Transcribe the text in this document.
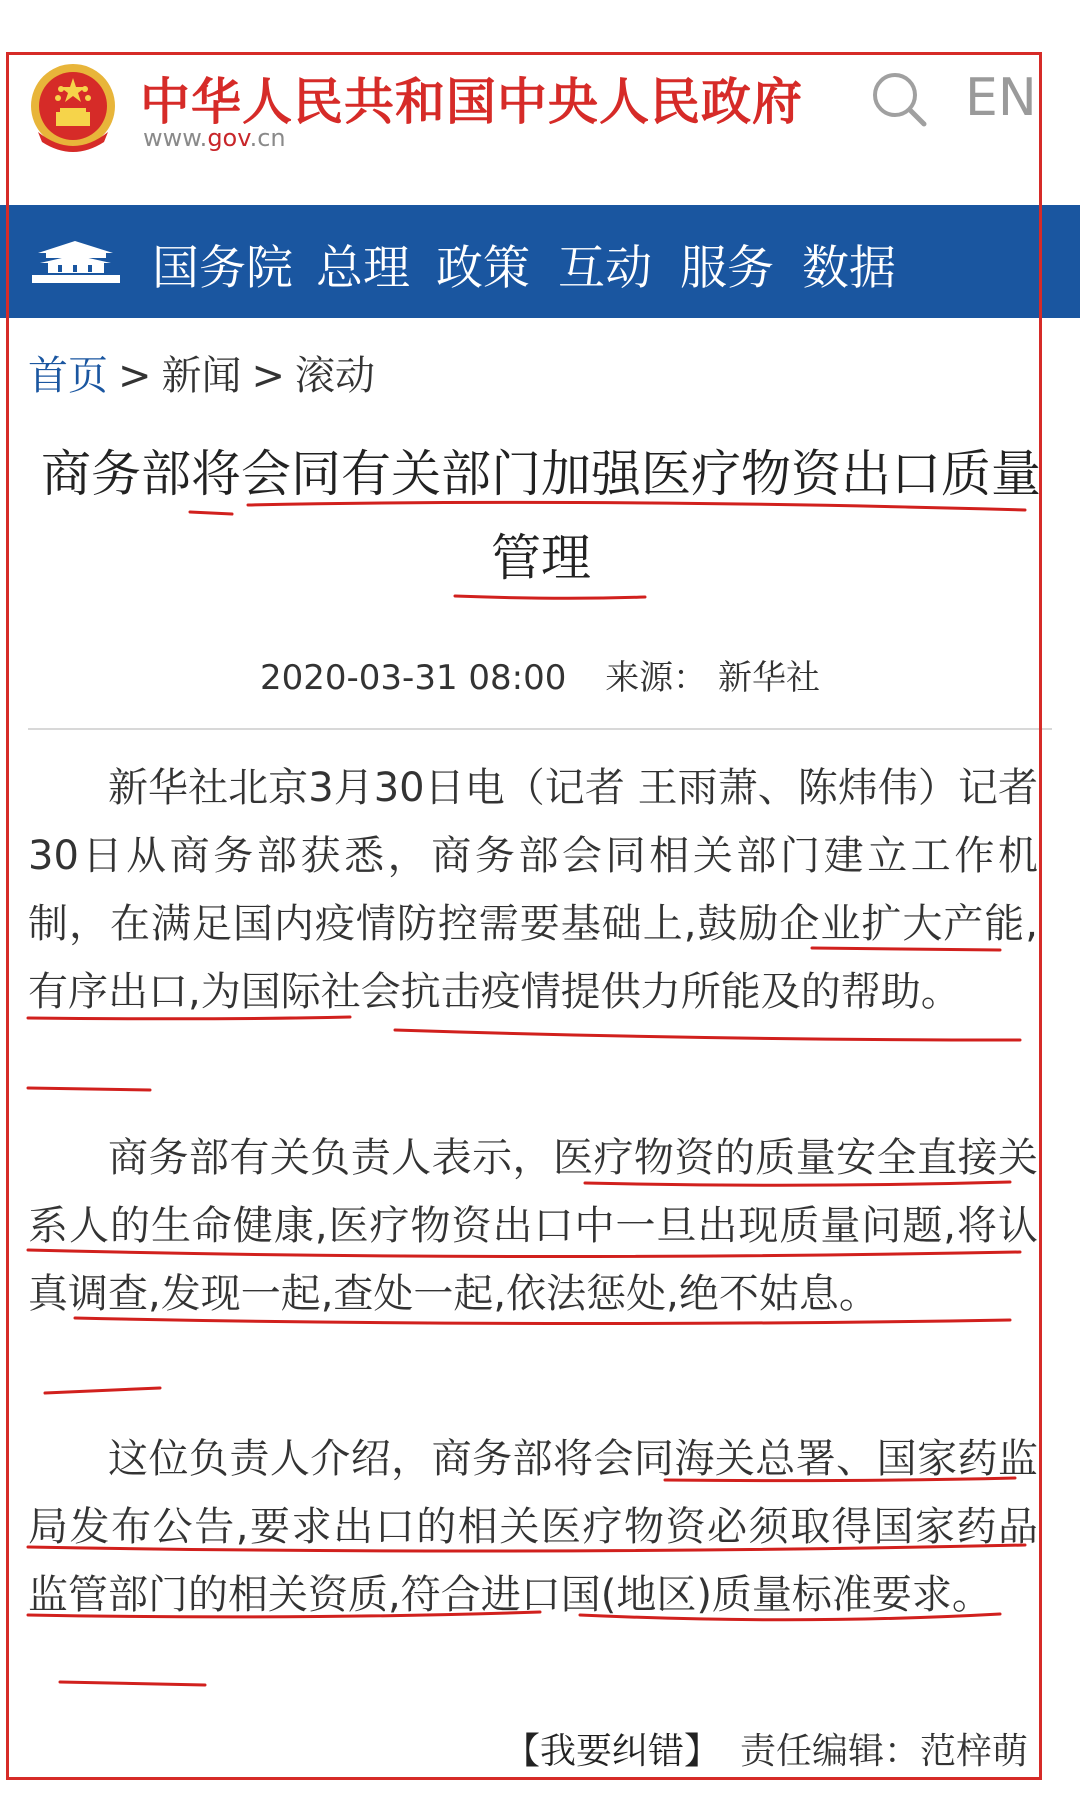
中华人民共和国中央人民政府
www.gov.cn
EN
国务院 总理 政策 互动 服务 数据
首页 > 新闻 > 滚动
商务部将会同有关部门加强医疗物资出口质量管理
2020-03-31 08:00 来源： 新华社
新华社北京3月30日电（记者 王雨萧、陈炜伟）记者30日从商务部获悉，商务部会同相关部门建立工作机制，在满足国内疫情防控需要基础上,鼓励企业扩大产能,有序出口,为国际社会抗击疫情提供力所能及的帮助。
商务部有关负责人表示，医疗物资的质量安全直接关系人的生命健康,医疗物资出口中一旦出现质量问题,将认真调查,发现一起,查处一起,依法惩处,绝不姑息。
这位负责人介绍，商务部将会同海关总署、国家药监局发布公告,要求出口的相关医疗物资必须取得国家药品监管部门的相关资质,符合进口国(地区)质量标准要求。
【我要纠错】 责任编辑：范梓萌
